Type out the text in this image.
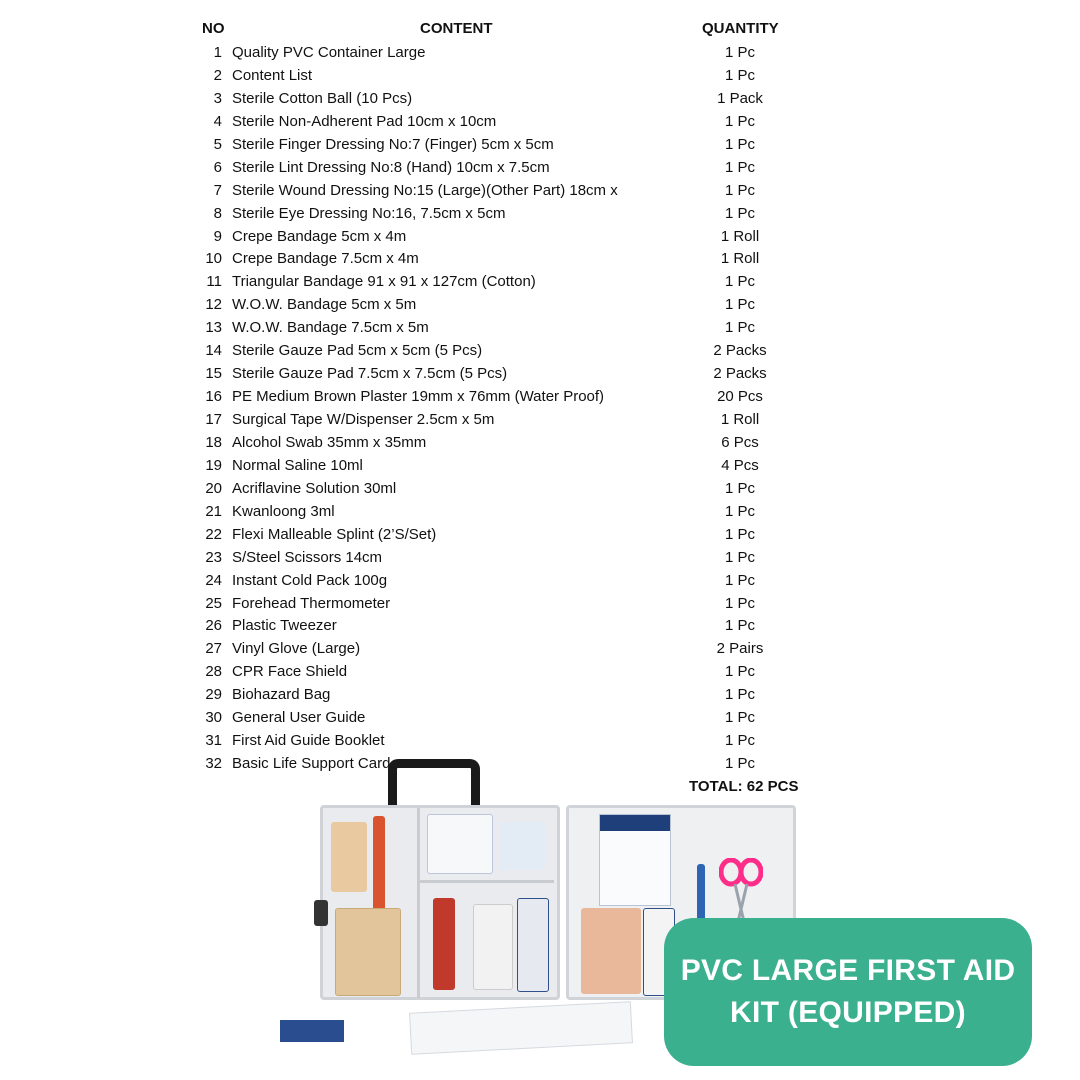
NO	CONTENT	QUANTITY
1 Quality PVC Container Large	1 Pc
2 Content List	1 Pc
3 Sterile Cotton Ball (10 Pcs)	1 Pack
4 Sterile Non-Adherent Pad 10cm x 10cm	1 Pc
5 Sterile Finger Dressing No:7 (Finger) 5cm x 5cm	1 Pc
6 Sterile Lint Dressing No:8 (Hand) 10cm x 7.5cm	1 Pc
7 Sterile Wound Dressing No:15 (Large)(Other Part) 18cm x	1 Pc
8 Sterile Eye Dressing No:16, 7.5cm x 5cm	1 Pc
9 Crepe Bandage 5cm x 4m	1 Roll
10 Crepe Bandage 7.5cm x 4m	1 Roll
11 Triangular Bandage 91 x 91 x 127cm (Cotton)	1 Pc
12 W.O.W. Bandage 5cm x 5m	1 Pc
13 W.O.W. Bandage 7.5cm x 5m	1 Pc
14 Sterile Gauze Pad 5cm x 5cm (5 Pcs)	2 Packs
15 Sterile Gauze Pad 7.5cm x 7.5cm (5 Pcs)	2 Packs
16 PE Medium Brown Plaster 19mm x 76mm (Water Proof)	20 Pcs
17 Surgical Tape W/Dispenser 2.5cm x 5m	1 Roll
18 Alcohol Swab 35mm x 35mm	6 Pcs
19 Normal Saline 10ml	4 Pcs
20 Acriflavine Solution 30ml	1 Pc
21 Kwanloong 3ml	1 Pc
22 Flexi Malleable Splint (2’S/Set)	1 Pc
23 S/Steel Scissors 14cm	1 Pc
24 Instant Cold Pack 100g	1 Pc
25 Forehead Thermometer	1 Pc
26 Plastic Tweezer	1 Pc
27 Vinyl Glove (Large)	2 Pairs
28 CPR Face Shield	1 Pc
29 Biohazard Bag	1 Pc
30 General User Guide	1 Pc
31 First Aid Guide Booklet	1 Pc
32 Basic Life Support Card	1 Pc
TOTAL: 62 PCS
PVC LARGE FIRST AID
KIT (EQUIPPED)
